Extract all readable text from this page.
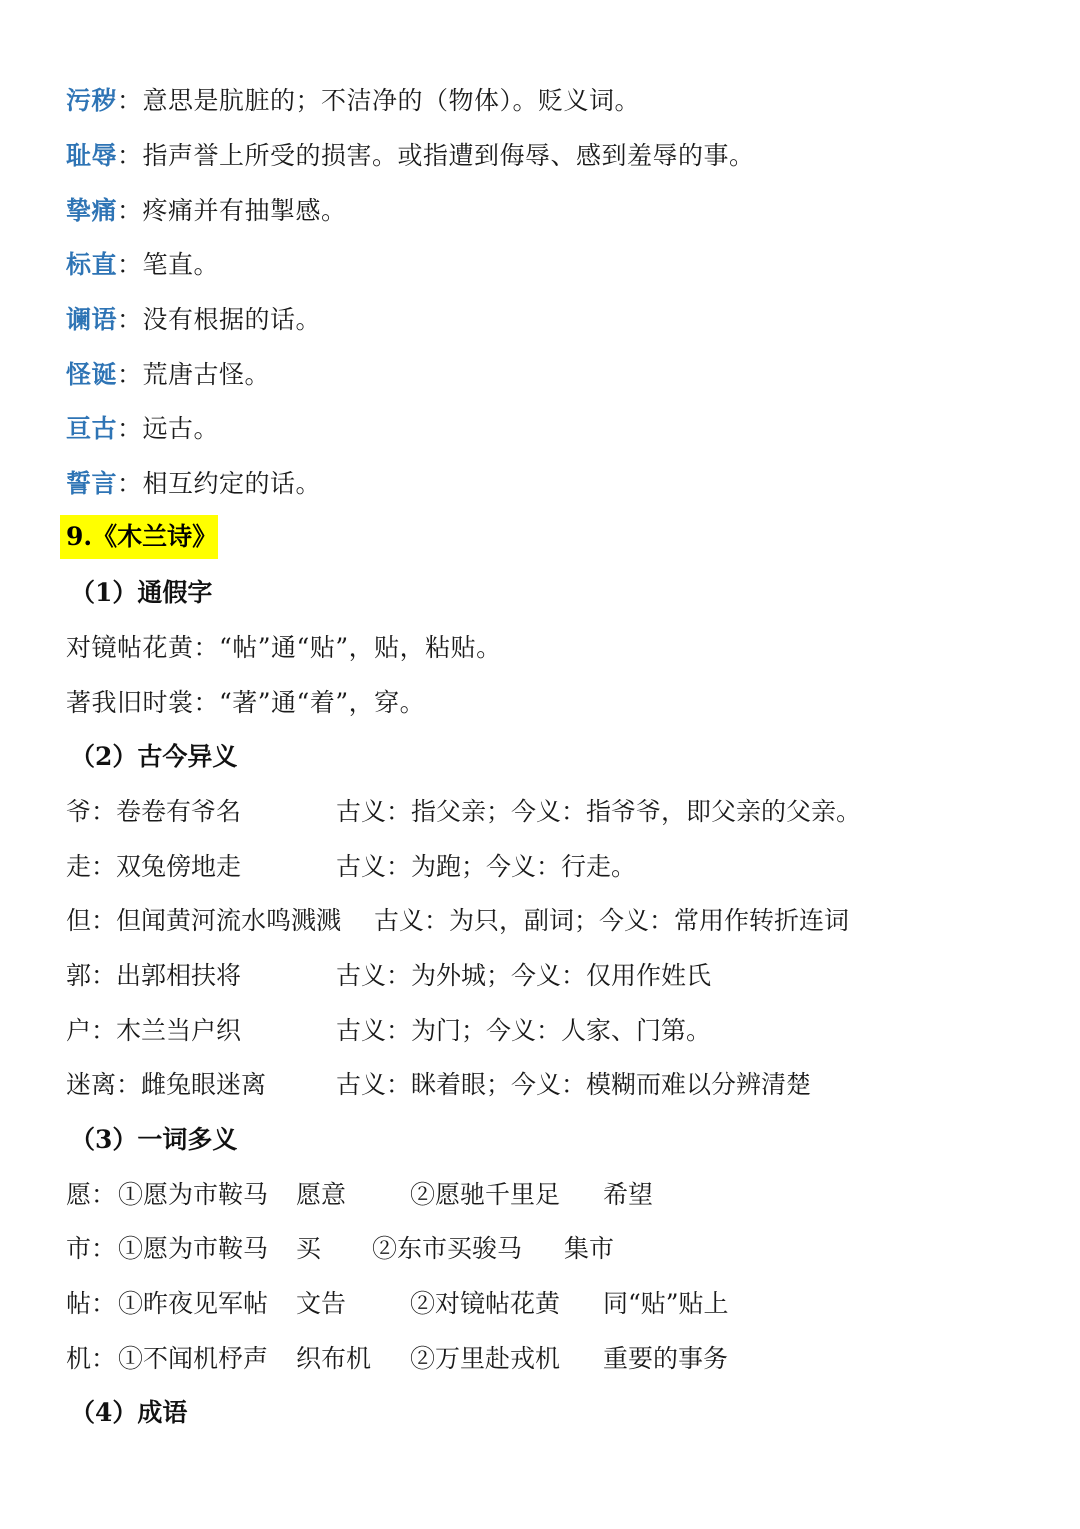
污秽：意思是肮脏的；不洁净的（物体）。贬义词。
耻辱：指声誉上所受的损害。或指遭到侮辱、感到羞辱的事。
挚痛：疼痛并有抽掣感。
标直：笔直。
谰语：没有根据的话。
怪诞：荒唐古怪。
亘古：远古。
誓言：相互约定的话。
9.《木兰诗》
（1）通假字
对镜帖花黄：“帖”通“贴”，贴，粘贴。
著我旧时裳：“著”通“着”，穿。
（2）古今异义
爷：卷卷有爷名	古义：指父亲；今义：指爷爷，即父亲的父亲。
走：双兔傍地走	古义：为跑；今义：行走。
但：但闻黄河流水鸣溅溅 古义：为只，副词；今义：常用作转折连词
郭：出郭相扶将	古义：为外城；今义：仅用作姓氏
户：木兰当户织	古义：为门；今义：人家、门第。
迷离：雌兔眼迷离	古义：眯着眼；今义：模糊而难以分辨清楚
（3）一词多义
愿： ①愿为市鞍马 愿意	②愿驰千里足 希望
市： ①愿为市鞍马 买 ②东市买骏马 集市
帖： ①昨夜见军帖 文告	②对镜帖花黄 同“贴”贴上
机： ①不闻机杼声 织布机 ②万里赴戎机 重要的事务
（4）成语
